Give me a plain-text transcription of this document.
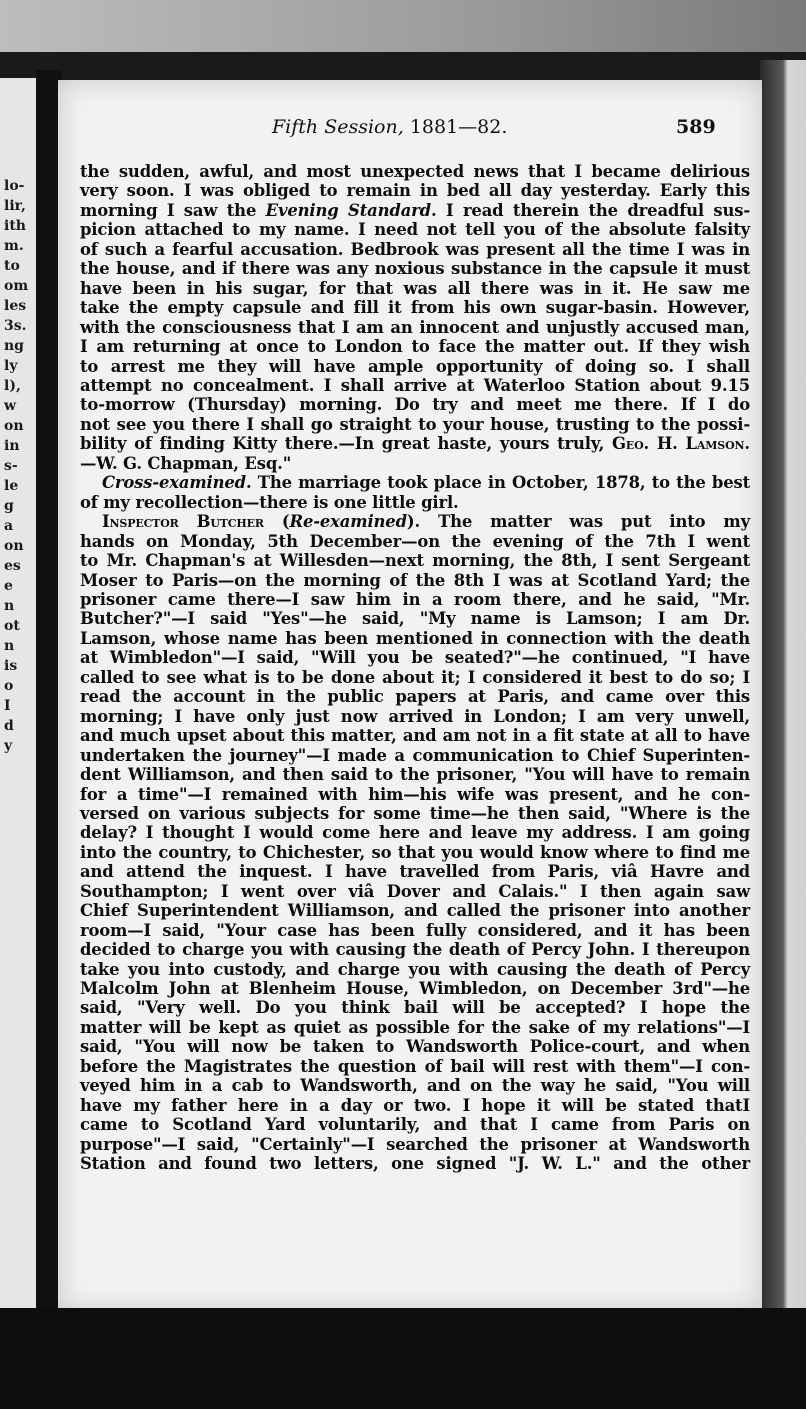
lo-
lir,
ith
m.
to
om
les
3s.
ng
ly
l),
w
on
in
s-
le
g
a
on
es
e
n
ot
n
is
o
I
d
y
Fifth Session, 1881—82.	589
the sudden, awful, and most unexpected news that I became delirious
very soon. I was obliged to remain in bed all day yesterday. Early this
morning I saw the Evening Standard. I read therein the dreadful sus-
picion attached to my name. I need not tell you of the absolute falsity
of such a fearful accusation. Bedbrook was present all the time I was in
the house, and if there was any noxious substance in the capsule it must
have been in his sugar, for that was all there was in it. He saw me
take the empty capsule and fill it from his own sugar-basin. However,
with the consciousness that I am an innocent and unjustly accused man,
I am returning at once to London to face the matter out. If they wish
to arrest me they will have ample opportunity of doing so. I shall
attempt no concealment. I shall arrive at Waterloo Station about 9.15
to-morrow (Thursday) morning. Do try and meet me there. If I do
not see you there I shall go straight to your house, trusting to the possi-
bility of finding Kitty there.—In great haste, yours truly, Geo. H. Lamson.
—W. G. Chapman, Esq."
Cross-examined. The marriage took place in October, 1878, to the best
of my recollection—there is one little girl.
Inspector Butcher (Re-examined). The matter was put into my
hands on Monday, 5th December—on the evening of the 7th I went
to Mr. Chapman's at Willesden—next morning, the 8th, I sent Sergeant
Moser to Paris—on the morning of the 8th I was at Scotland Yard; the
prisoner came there—I saw him in a room there, and he said, "Mr.
Butcher?"—I said "Yes"—he said, "My name is Lamson; I am Dr.
Lamson, whose name has been mentioned in connection with the death
at Wimbledon"—I said, "Will you be seated?"—he continued, "I have
called to see what is to be done about it; I considered it best to do so; I
read the account in the public papers at Paris, and came over this
morning; I have only just now arrived in London; I am very unwell,
and much upset about this matter, and am not in a fit state at all to have
undertaken the journey"—I made a communication to Chief Superinten-
dent Williamson, and then said to the prisoner, "You will have to remain
for a time"—I remained with him—his wife was present, and he con-
versed on various subjects for some time—he then said, "Where is the
delay? I thought I would come here and leave my address. I am going
into the country, to Chichester, so that you would know where to find me
and attend the inquest. I have travelled from Paris, viâ Havre and
Southampton; I went over viâ Dover and Calais." I then again saw
Chief Superintendent Williamson, and called the prisoner into another
room—I said, "Your case has been fully considered, and it has been
decided to charge you with causing the death of Percy John. I thereupon
take you into custody, and charge you with causing the death of Percy
Malcolm John at Blenheim House, Wimbledon, on December 3rd"—he
said, "Very well. Do you think bail will be accepted? I hope the
matter will be kept as quiet as possible for the sake of my relations"—I
said, "You will now be taken to Wandsworth Police-court, and when
before the Magistrates the question of bail will rest with them"—I con-
veyed him in a cab to Wandsworth, and on the way he said, "You will
have my father here in a day or two. I hope it will be stated thatI
came to Scotland Yard voluntarily, and that I came from Paris on
purpose"—I said, "Certainly"—I searched the prisoner at Wandsworth
Station and found two letters, one signed "J. W. L." and the other
